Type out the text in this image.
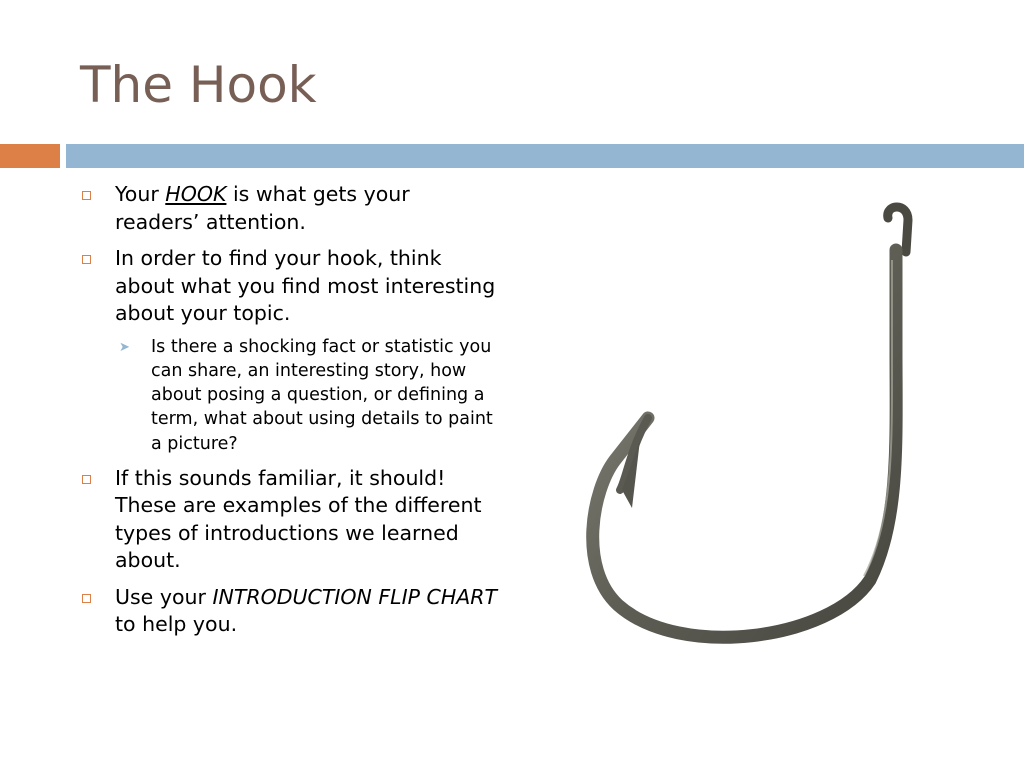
The Hook
Your HOOK is what gets your readers’ attention.
In order to find your hook, think about what you find most interesting about your topic.
➤ Is there a shocking fact or statistic you can share, an interesting story, how about posing a question, or defining a term, what about using details to paint a picture?
If this sounds familiar, it should! These are examples of the different types of introductions we learned about.
Use your INTRODUCTION FLIP CHART to help you.
